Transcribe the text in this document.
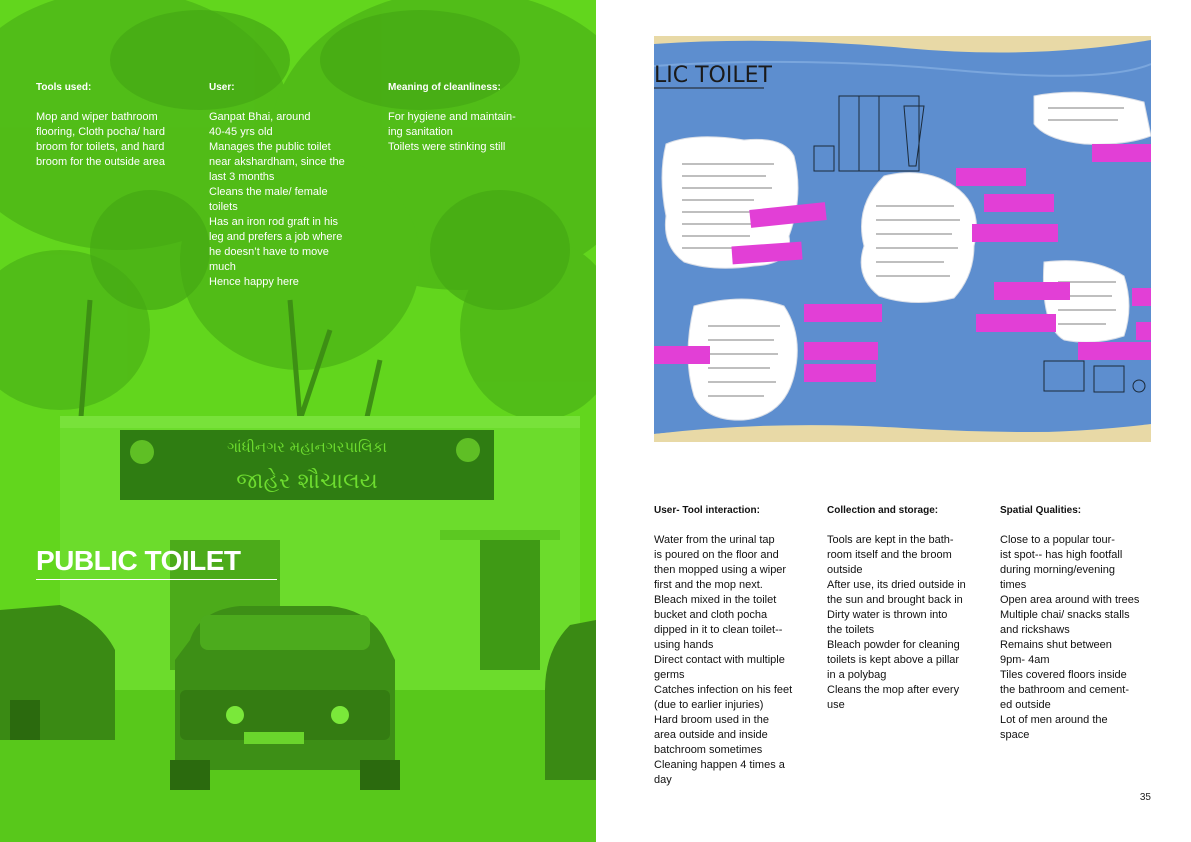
ગાંધીનગર મહાનગરપાલિકા
જાહેર શૌચાલય
Tools used:

Mop and wiper bathroom

flooring, Cloth pocha/ hard

broom for toilets, and hard

broom for the outside area

User:

Ganpat Bhai, around

40-45 yrs old

Manages the public toilet

near akshardham, since the

last 3 months

Cleans the male/ female

toilets

Has an iron rod graft in his

leg and prefers a job where

he doesn’t have to move

much

Hence happy here

Meaning of cleanliness:

For hygiene and maintain-

ing sanitation

Toilets were stinking still

PUBLIC TOILET
LIC TOILET
User- Tool interaction:

Water from the urinal tap

is poured on the floor and

then mopped using a wiper

first and the mop next.

Bleach mixed in the toilet

bucket and cloth pocha

dipped in it to clean toilet--

using hands

Direct contact with multiple

germs

Catches infection on his feet

(due to earlier injuries)

Hard broom used in the

area outside and inside

batchroom sometimes

Cleaning happen 4 times a

day

Collection and storage:

Tools are kept in the bath-

room itself and the broom

outside

After use, its dried outside in

the sun and brought back in

Dirty water is thrown into

the toilets

Bleach powder for cleaning

toilets is kept above a pillar

in a polybag

Cleans the mop after every

use

Spatial Qualities:

Close to a popular tour-

ist spot-- has high footfall

during morning/evening

times

Open area around with trees

Multiple chai/ snacks stalls

and rickshaws

Remains shut between

9pm- 4am

Tiles covered floors inside

the bathroom and cement-

ed outside

Lot of men around the

space

35
